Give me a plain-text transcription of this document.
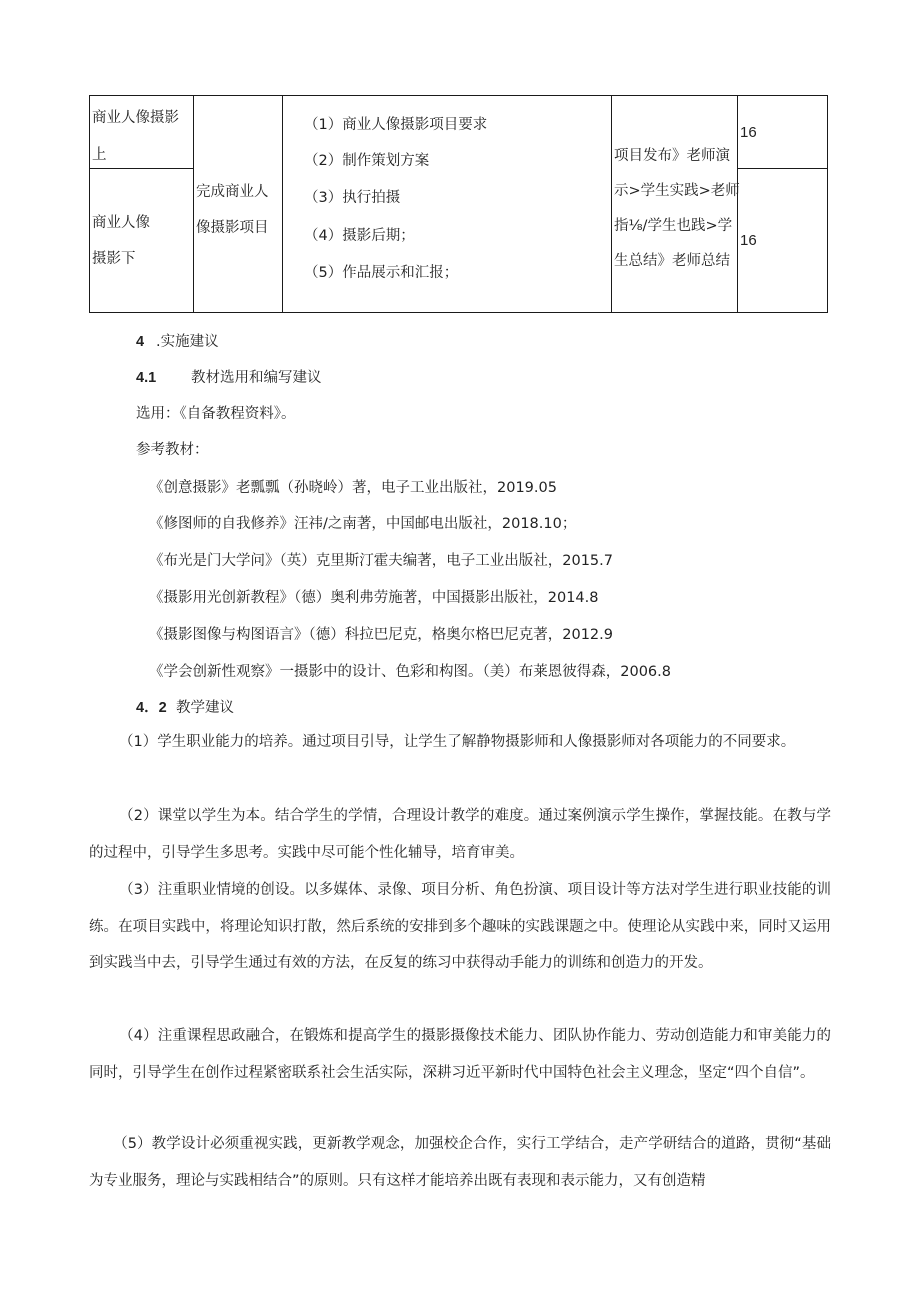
商业人像摄影
上
商业人像
摄影下
完成商业人
像摄影项目
（1）商业人像摄影项目要求
（2）制作策划方案
（3）执行拍摄
（4）摄影后期；
（5）作品展示和汇报；
项目发布》老师演
示>学生实践>老师
指⅛/学生也践>学
生总结》老师总结
16
16
4 .实施建议
4.1 教材选用和编写建议
选用：《自备教程资料》。
参考教材：
《创意摄影》老瓢瓢（孙晓岭）著，电子工业出版社，2019.05
《修图师的自我修养》汪祎/之南著，中国邮电出版社，2018.10；
《布光是门大学问》（英）克里斯汀霍夫编著，电子工业出版社，2015.7
《摄影用光创新教程》（德）奥利弗劳施著，中国摄影出版社，2014.8
《摄影图像与构图语言》（德）科拉巴尼克，格奥尔格巴尼克著，2012.9
《学会创新性观察》一摄影中的设计、色彩和构图。（美）布莱恩彼得森，2006.8
4．2 教学建议
（1）学生职业能力的培养。通过项目引导，让学生了解静物摄影师和人像摄影师对各项能力的不同要求。
（2）课堂以学生为本。结合学生的学情，合理设计教学的难度。通过案例演示学生操作，掌握技能。在教与学的过程中，引导学生多思考。实践中尽可能个性化辅导，培育审美。
（3）注重职业情境的创设。以多媒体、录像、项目分析、角色扮演、项目设计等方法对学生进行职业技能的训练。在项目实践中，将理论知识打散，然后系统的安排到多个趣味的实践课题之中。使理论从实践中来，同时又运用到实践当中去，引导学生通过有效的方法，在反复的练习中获得动手能力的训练和创造力的开发。
（4）注重课程思政融合，在锻炼和提高学生的摄影摄像技术能力、团队协作能力、劳动创造能力和审美能力的同时，引导学生在创作过程紧密联系社会生活实际，深耕习近平新时代中国特色社会主义理念，坚定“四个自信”。
（5）教学设计必须重视实践，更新教学观念，加强校企合作，实行工学结合，走产学研结合的道路，贯彻“基础为专业服务，理论与实践相结合”的原则。只有这样才能培养出既有表现和表示能力，又有创造精
